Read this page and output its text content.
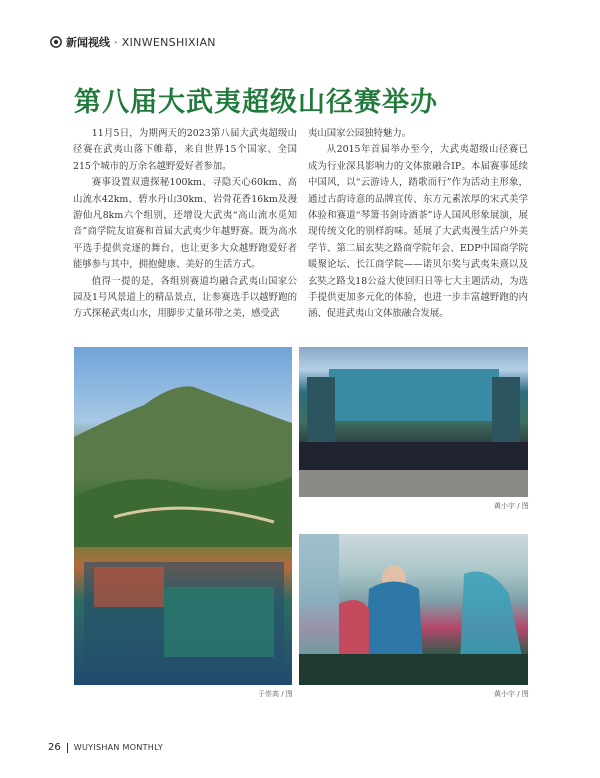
新闻视线 · XINWENSHIXIAN
第八届大武夷超级山径赛举办

11月5日，为期两天的2023第八届大武夷超级山径赛在武夷山落下帷幕，来自世界15个国家、全国215个城市的万余名越野爱好者参加。

赛事设置双遗探秘100km、寻隐天心60km、高山流水42km、碧水丹山30km、岩骨花香16km及漫游仙凡8km六个组别，还增设大武夷“高山流水觅知音”商学院友谊赛和首届大武夷少年越野赛。既为高水平选手提供竞逐的舞台，也让更多大众越野跑爱好者能够参与其中，拥抱健康、美好的生活方式。

值得一提的是，各组别赛道均融合武夷山国家公园及1号风景道上的精品景点，让参赛选手以越野跑的方式探秘武夷山水，用脚步丈量环带之美，感受武

夷山国家公园独特魅力。

从2015年首届举办至今，大武夷超级山径赛已成为行业深具影响力的文体旅融合IP。本届赛事延续中国风，以“云游诗人，踏歌而行”作为活动主形象，通过古韵诗意的品牌宣传、东方元素浓厚的宋式美学体验和赛道“琴箫书剑诗酒茶”诗人国风形象展演，展现传统文化的别样韵味。延展了大武夷漫生活户外美学节、第二届玄奘之路商学院年会、EDP中国商学院暖聚论坛、长江商学院——诺贝尔奖与武夷朱熹以及玄奘之路戈18公益大使回归日等七大主题活动，为选手提供更加多元化的体验，也进一步丰富越野跑的内涵、促进武夷山文体旅融合发展。

于崇高 / 图
黄小宇 / 图
黄小宇 / 图
26 WUYISHAN MONTHLY
